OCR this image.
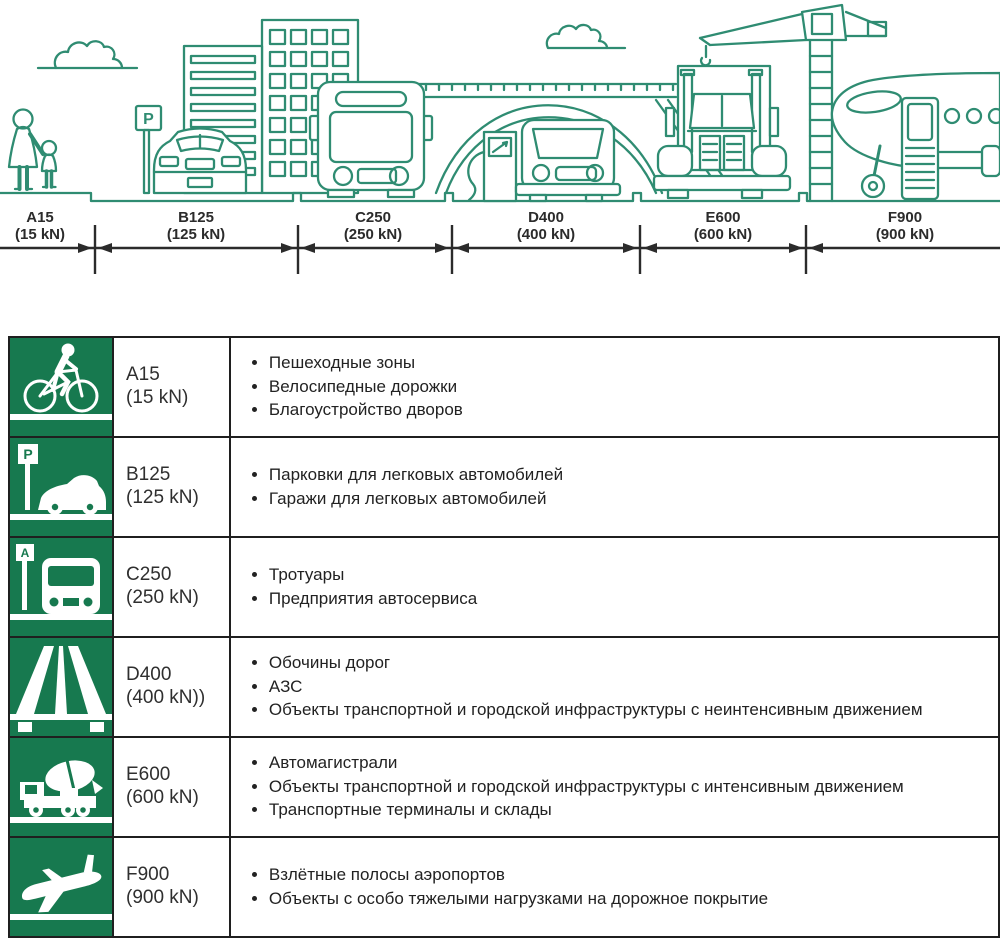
P
A15
(15 kN)
B125
(125 kN)
C250
(250 kN)
D400
(400 kN)
E600
(600 kN)
F900
(900 kN)

A15
(15 kN)

• Пешеходные зоны
• Велосипедные дорожки
• Благоустройство дворов

P

B125
(125 kN)

• Парковки для легковых автомобилей
• Гаражи для легковых автомобилей

A

C250
(250 kN)

• Тротуары
• Предприятия автосервиса

D400
(400 kN))

• Обочины дорог
• АЗС
• Объекты транспортной и городской инфраструктуры с неинтенсивным движением

E600
(600 kN)

• Автомагистрали
• Объекты транспортной и городской инфраструктуры с интенсивным движением
• Транспортные терминалы и склады

F900
(900 kN)

• Взлётные полосы аэропортов
• Объекты с особо тяжелыми нагрузками на дорожное покрытие
